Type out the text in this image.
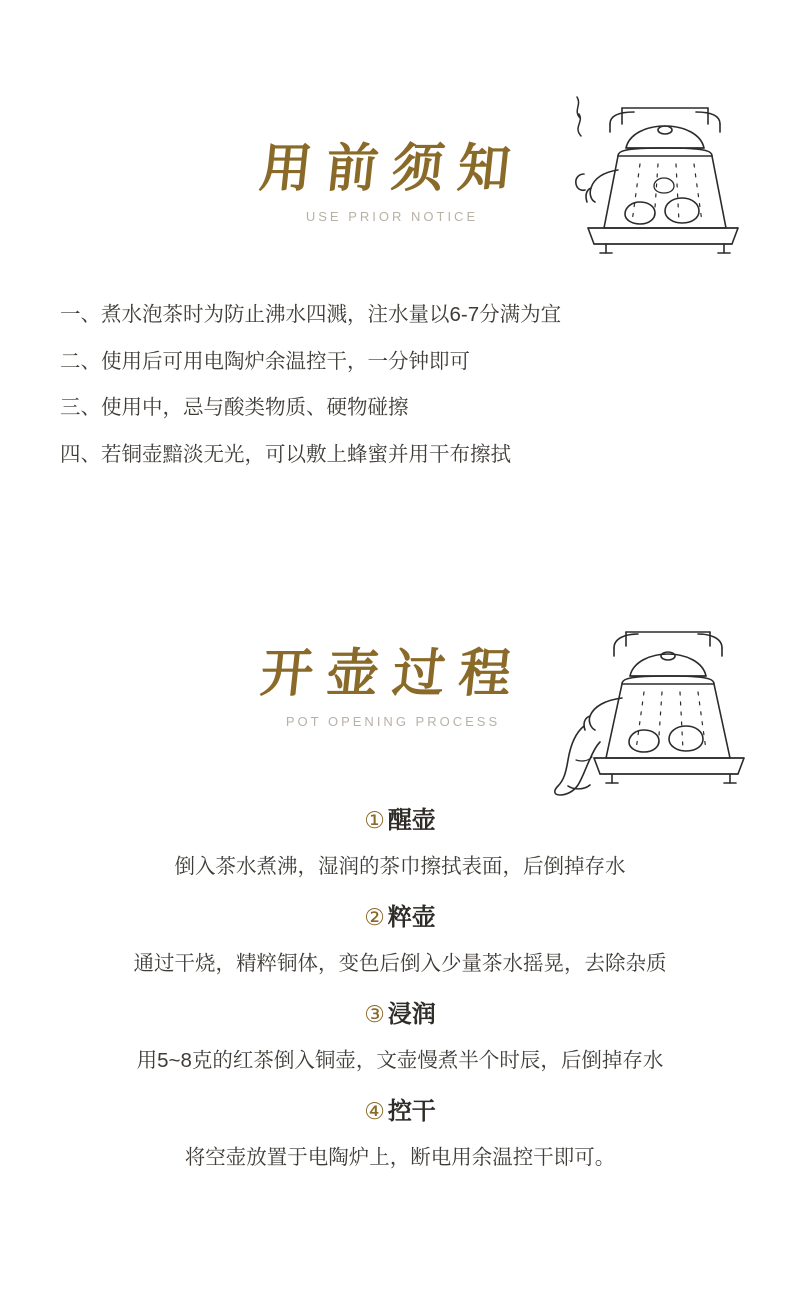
用前须知
USE PRIOR NOTICE
一、煮水泡茶时为防止沸水四溅，注水量以6-7分满为宜
二、使用后可用电陶炉余温控干，一分钟即可
三、使用中，忌与酸类物质、硬物碰擦
四、若铜壶黯淡无光，可以敷上蜂蜜并用干布擦拭
开壶过程
POT OPENING PROCESS
① 醒壶
倒入茶水煮沸，湿润的茶巾擦拭表面，后倒掉存水
② 粹壶
通过干烧，精粹铜体，变色后倒入少量茶水摇晃，去除杂质
③ 浸润
用5~8克的红茶倒入铜壶，文壶慢煮半个时辰，后倒掉存水
④ 控干
将空壶放置于电陶炉上，断电用余温控干即可。
